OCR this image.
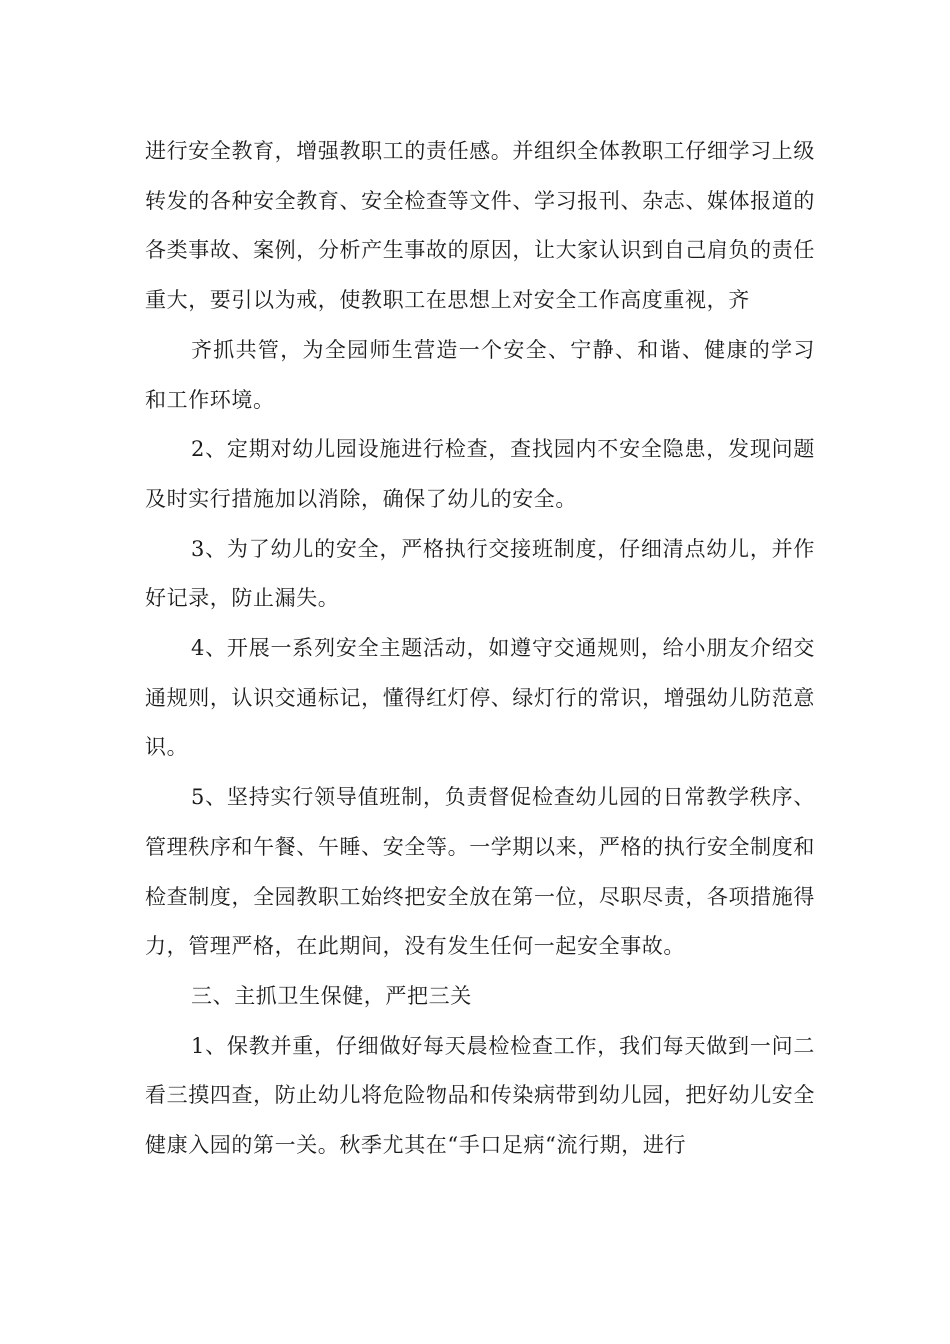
进行安全教育，增强教职工的责任感。并组织全体教职工仔细学习上级转发的各种安全教育、安全检查等文件、学习报刊、杂志、媒体报道的各类事故、案例，分析产生事故的原因，让大家认识到自己肩负的责任重大，要引以为戒，使教职工在思想上对安全工作高度重视，齐

齐抓共管，为全园师生营造一个安全、宁静、和谐、健康的学习和工作环境。

2、定期对幼儿园设施进行检查，查找园内不安全隐患，发现问题及时实行措施加以消除，确保了幼儿的安全。

3、为了幼儿的安全，严格执行交接班制度，仔细清点幼儿，并作好记录，防止漏失。

4、开展一系列安全主题活动，如遵守交通规则，给小朋友介绍交通规则，认识交通标记，懂得红灯停、绿灯行的常识，增强幼儿防范意识。

5、坚持实行领导值班制，负责督促检查幼儿园的日常教学秩序、管理秩序和午餐、午睡、安全等。一学期以来，严格的执行安全制度和检查制度，全园教职工始终把安全放在第一位，尽职尽责，各项措施得力，管理严格，在此期间，没有发生任何一起安全事故。

三、主抓卫生保健，严把三关

1、保教并重，仔细做好每天晨检检查工作，我们每天做到一问二看三摸四查，防止幼儿将危险物品和传染病带到幼儿园，把好幼儿安全健康入园的第一关。秋季尤其在“手口足病“流行期，进行
